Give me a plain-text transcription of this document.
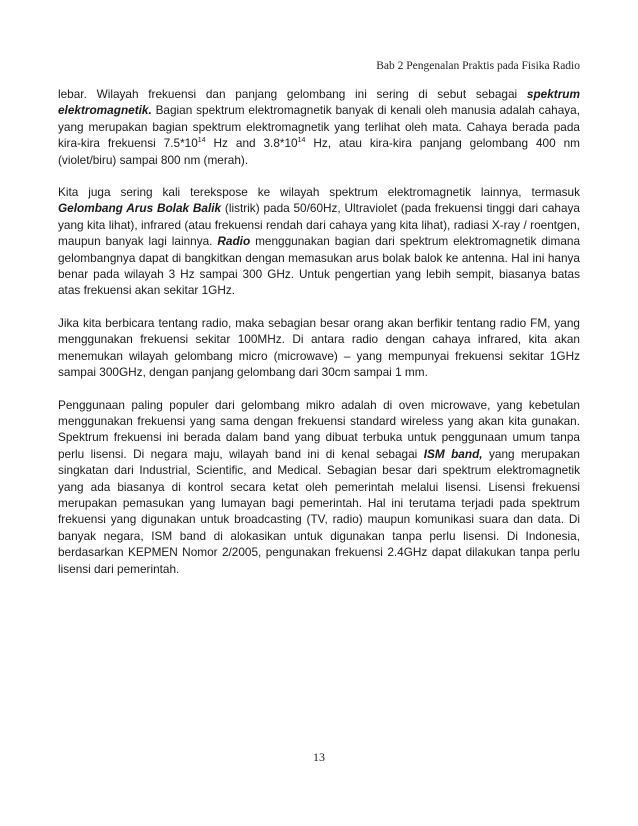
Bab 2 Pengenalan Praktis pada Fisika Radio

lebar. Wilayah frekuensi dan panjang gelombang ini sering di sebut sebagai spektrum elektromagnetik. Bagian spektrum elektromagnetik banyak di kenali oleh manusia adalah cahaya, yang merupakan bagian spektrum elektromagnetik yang terlihat oleh mata. Cahaya berada pada kira-kira frekuensi $7.5*10^{14}$ Hz and $3.8*10^{14}$ Hz, atau kira-kira panjang gelombang 400 nm (violet/biru) sampai 800 nm (merah).

Kita juga sering kali terekspose ke wilayah spektrum elektromagnetik lainnya, termasuk Gelombang Arus Bolak Balik (listrik) pada 50/60Hz, Ultraviolet (pada frekuensi tinggi dari cahaya yang kita lihat), infrared (atau frekuensi rendah dari cahaya yang kita lihat), radiasi X-ray / roentgen, maupun banyak lagi lainnya. Radio menggunakan bagian dari spektrum elektromagnetik dimana gelombangnya dapat di bangkitkan dengan memasukan arus bolak balok ke antenna. Hal ini hanya benar pada wilayah 3 Hz sampai 300 GHz. Untuk pengertian yang lebih sempit, biasanya batas atas frekuensi akan sekitar 1GHz.

Jika kita berbicara tentang radio, maka sebagian besar orang akan berfikir tentang radio FM, yang menggunakan frekuensi sekitar 100MHz. Di antara radio dengan cahaya infrared, kita akan menemukan wilayah gelombang micro (microwave) – yang mempunyai frekuensi sekitar 1GHz sampai 300GHz, dengan panjang gelombang dari 30cm sampai 1 mm.

Penggunaan paling populer dari gelombang mikro adalah di oven microwave, yang kebetulan menggunakan frekuensi yang sama dengan frekuensi standard wireless yang akan kita gunakan. Spektrum frekuensi ini berada dalam band yang dibuat terbuka untuk penggunaan umum tanpa perlu lisensi. Di negara maju, wilayah band ini di kenal sebagai ISM band, yang merupakan singkatan dari Industrial, Scientific, and Medical. Sebagian besar dari spektrum elektromagnetik yang ada biasanya di kontrol secara ketat oleh pemerintah melalui lisensi. Lisensi frekuensi merupakan pemasukan yang lumayan bagi pemerintah. Hal ini terutama terjadi pada spektrum frekuensi yang digunakan untuk broadcasting (TV, radio) maupun komunikasi suara dan data. Di banyak negara, ISM band di alokasikan untuk digunakan tanpa perlu lisensi. Di Indonesia, berdasarkan KEPMEN Nomor 2/2005, pengunakan frekuensi 2.4GHz dapat dilakukan tanpa perlu lisensi dari pemerintah.

13
